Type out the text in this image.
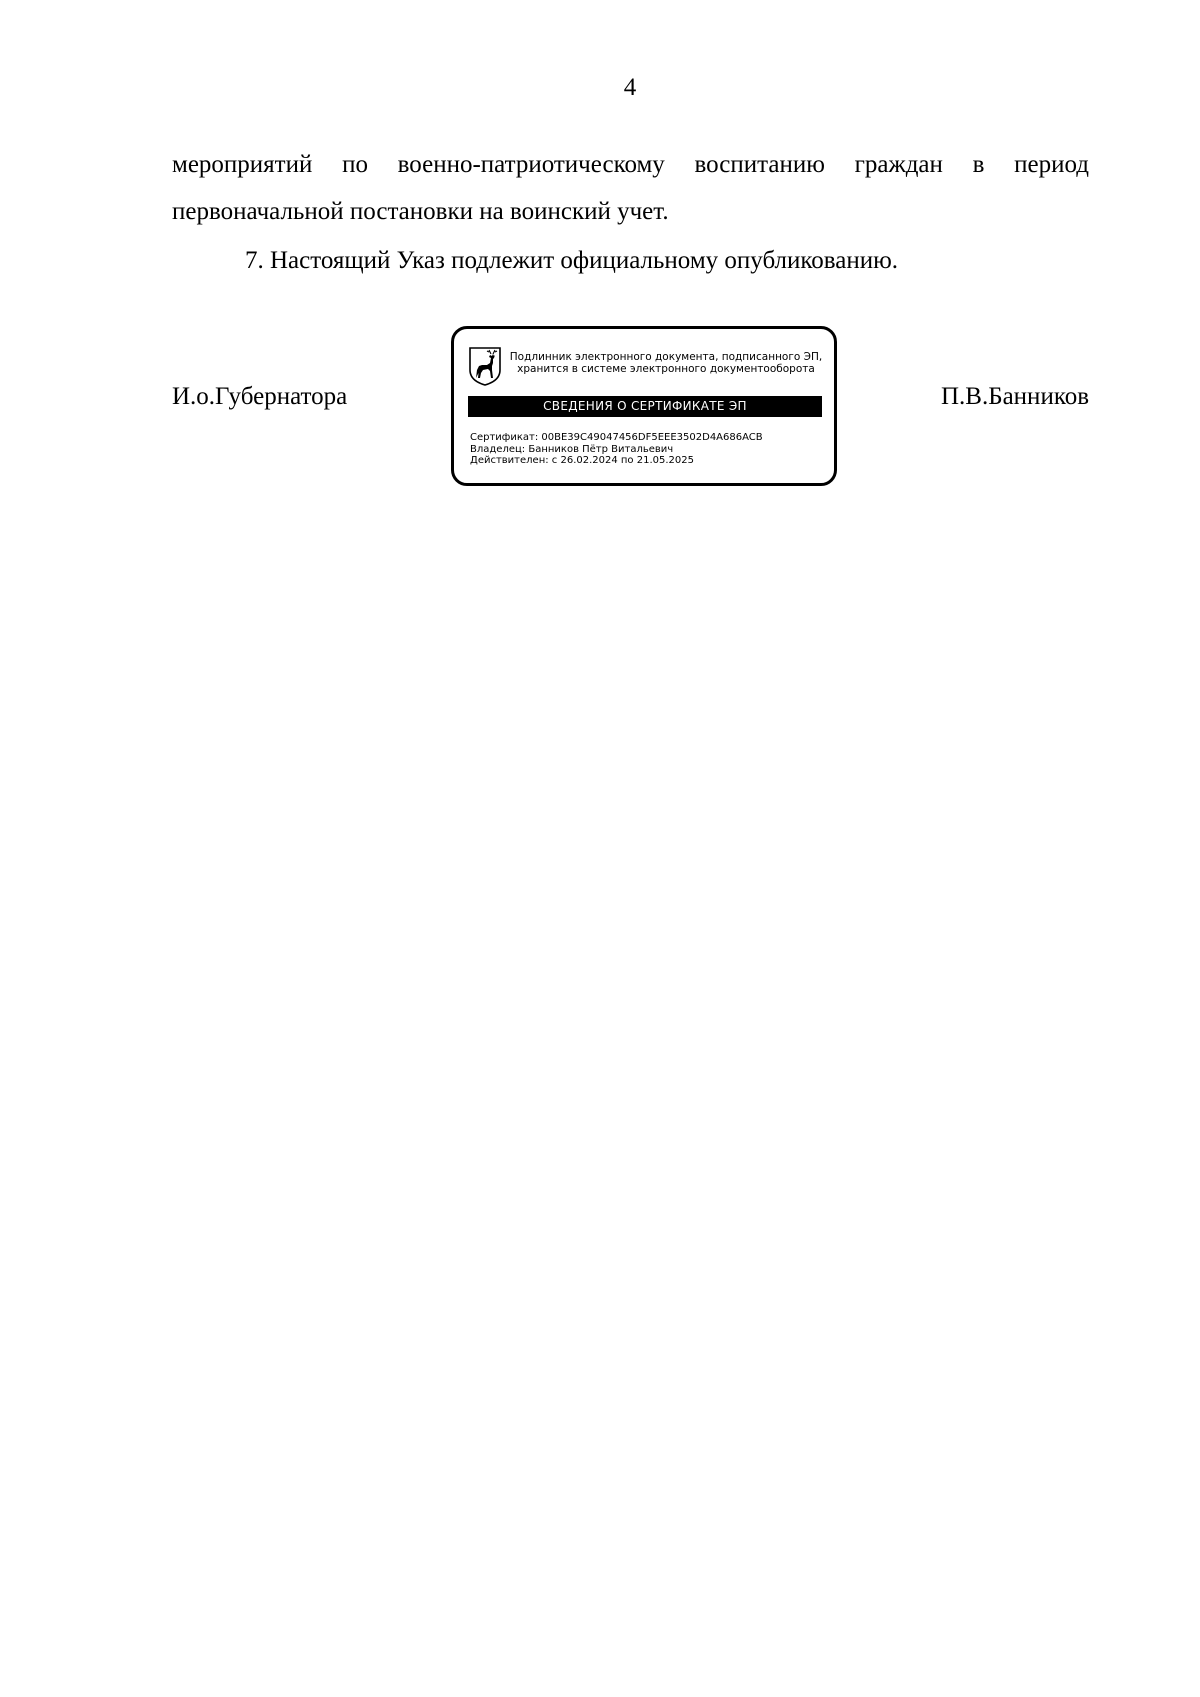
4
мероприятий по военно-патриотическому воспитанию граждан в период
первоначальной постановки на воинский учет.
7. Настоящий Указ подлежит официальному опубликованию.
И.о.Губернатора
Подлинник электронного документа, подписанного ЭП,
хранится в системе электронного документооборота
СВЕДЕНИЯ О СЕРТИФИКАТЕ ЭП
Сертификат: 00BE39C49047456DF5EEE3502D4A686ACB
Владелец: Банников Пётр Витальевич
Действителен: с 26.02.2024 по 21.05.2025
П.В.Банников
